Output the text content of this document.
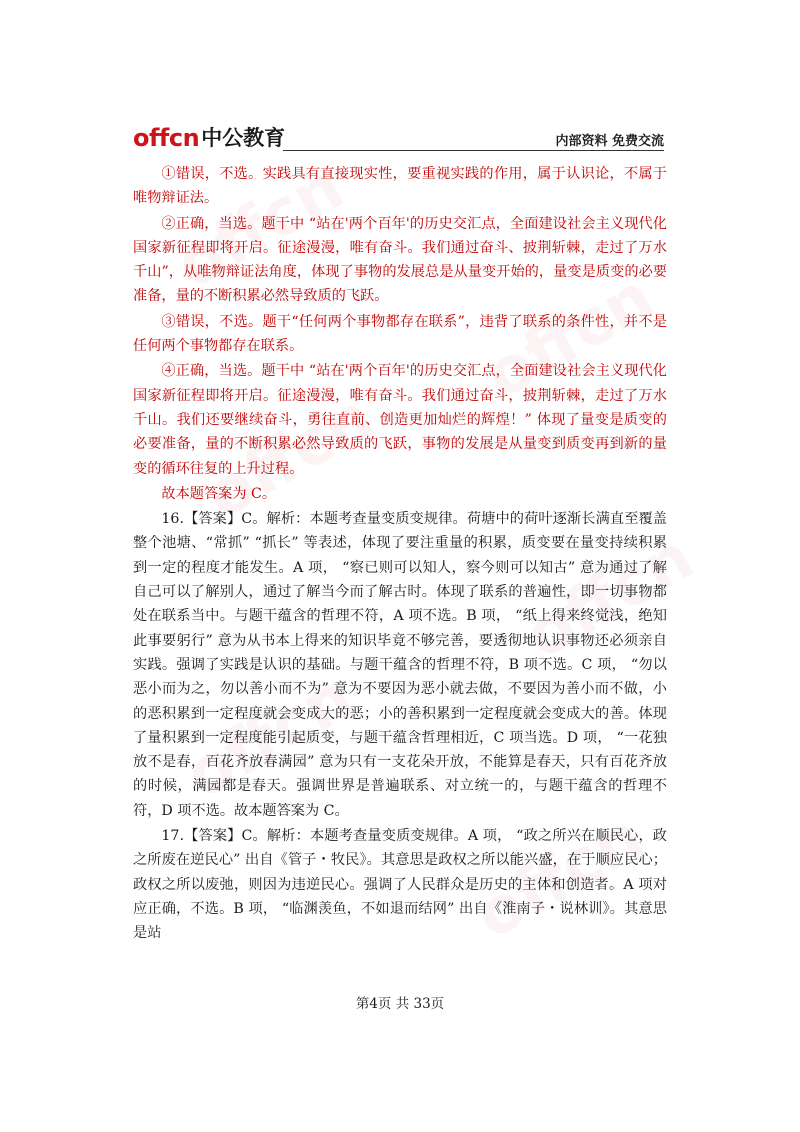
offcn 中公教育	内部资料 免费交流

①错误，不选。实践具有直接现实性，要重视实践的作用，属于认识论，不属于唯物辩证法。

②正确，当选。题干中 “站在'两个百年'的历史交汇点，全面建设社会主义现代化国家新征程即将开启。征途漫漫，唯有奋斗。我们通过奋斗、披荆斩棘，走过了万水千山”，从唯物辩证法角度，体现了事物的发展总是从量变开始的，量变是质变的必要准备，量的不断积累必然导致质的飞跃。

③错误，不选。题干“任何两个事物都存在联系”，违背了联系的条件性，并不是任何两个事物都存在联系。

④正确，当选。题干中 “站在'两个百年'的历史交汇点，全面建设社会主义现代化国家新征程即将开启。征途漫漫，唯有奋斗。我们通过奋斗，披荆斩棘，走过了万水千山。我们还要继续奋斗，勇往直前、创造更加灿烂的辉煌！” 体现了量变是质变的必要准备，量的不断积累必然导致质的飞跃，事物的发展是从量变到质变再到新的量变的循环往复的上升过程。

故本题答案为 C。

16.【答案】C。解析：本题考查量变质变规律。荷塘中的荷叶逐渐长满直至覆盖整个池塘、“常抓” “抓长” 等表述，体现了要注重量的积累，质变要在量变持续积累到一定的程度才能发生。A 项， “察已则可以知人，察今则可以知古” 意为通过了解自己可以了解别人，通过了解当今而了解古时。体现了联系的普遍性，即一切事物都处在联系当中。与题干蕴含的哲理不符，A 项不选。B 项， “纸上得来终觉浅，绝知此事要躬行” 意为从书本上得来的知识毕竟不够完善，要透彻地认识事物还必须亲自实践。强调了实践是认识的基础。与题干蕴含的哲理不符，B 项不选。C 项， “勿以恶小而为之，勿以善小而不为” 意为不要因为恶小就去做，不要因为善小而不做，小的恶积累到一定程度就会变成大的恶；小的善积累到一定程度就会变成大的善。体现了量积累到一定程度能引起质变，与题干蕴含哲理相近，C 项当选。D 项， “一花独放不是春，百花齐放春满园” 意为只有一支花朵开放，不能算是春天，只有百花齐放的时候，满园都是春天。强调世界是普遍联系、对立统一的，与题干蕴含的哲理不符，D 项不选。故本题答案为 C。

17.【答案】C。解析：本题考查量变质变规律。A 项， “政之所兴在顺民心，政之所废在逆民心” 出自《管子・牧民》。其意思是政权之所以能兴盛，在于顺应民心；政权之所以废弛，则因为违逆民心。强调了人民群众是历史的主体和创造者。A 项对应正确，不选。B 项， “临渊羡鱼，不如退而结网” 出自《淮南子・说林训》。其意思是站

第4页 共 33页
